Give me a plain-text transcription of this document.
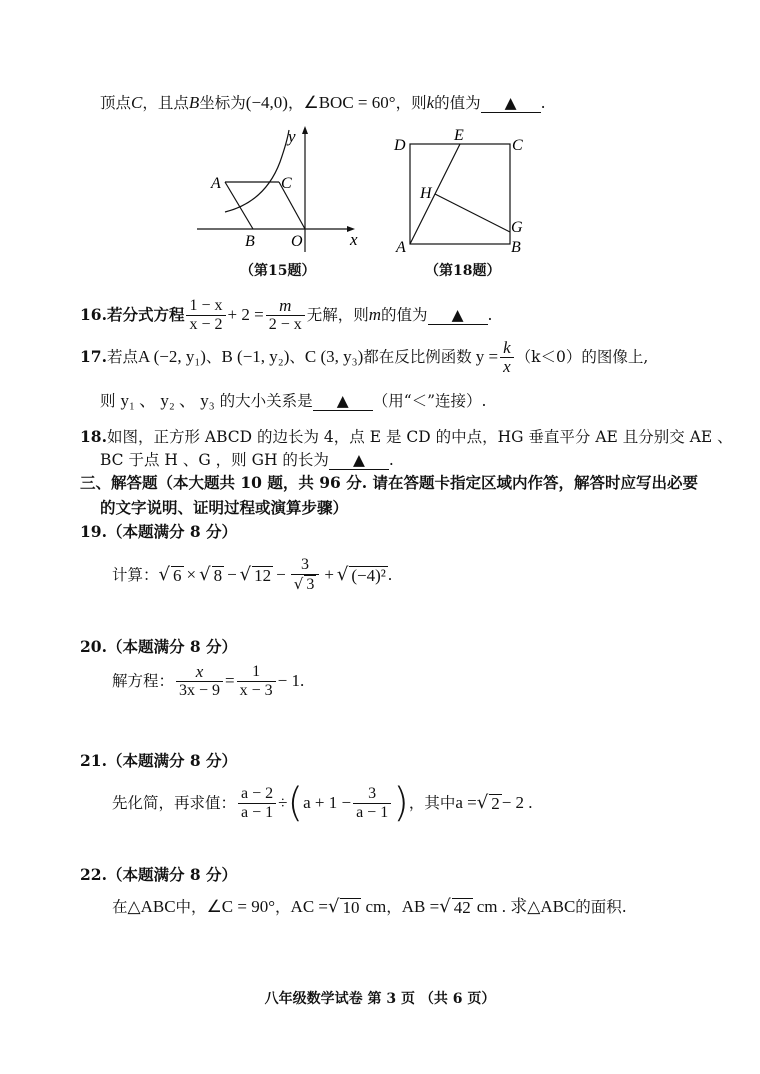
顶点C，且点B坐标为(−4,0)，∠BOC = 60°，则k的值为 ▲ .
y
x
A	C
B O
（第15题）
D
E
C
H
G
A	B
（第18题）
16. 若分式方程 $\frac{1 - x}{x - 2} + 2 = \frac{m}{2 - x}$ 无解，则 m 的值为	▲	.
17. 若点 A (−2, y₁) 、 B (−1, y₂) 、 C (3, y₃) 都在反比例函数 $y = \frac{k}{x} (k<0)$ 的图像上,
则 y₁ 、 y₂ 、 y₃ 的大小关系是 ▲ （用“＜”连接）.
18.如图，正方形 ABCD 的边长为 4，点 E 是 CD 的中点，HG 垂直平分 AE 且分别交 AE 、
BC 于点 H 、G ，则 GH 的长为 ▲ .
三、解答题（本大题共 10 题，共 96 分. 请在答题卡指定区域内作答，解答时应写出必要
的文字说明、证明过程或演算步骤）
19.（本题满分 8 分）
计算： √ 6 × √ 8 − √ $12 - \frac{3}{√ 3}$ + √ (−4)² .
20.（本题满分 8 分）
解方程： $\frac{x}{3x - 9} = \frac{1}{x - 3} - 1$.
21.（本题满分 8 分）
先化简，再求值： $\frac{a - 2}{a - 1}$ ÷ ( $a + 1 - \frac{3}{a - 1}$ ) ，其中 a = √ 2 − 2 .
22.（本题满分 8 分）
在 △ABC 中， ∠C = 90° ， AC = √ 10 cm ， AB = √ 42 cm . 求 △ABC 的面积.
八年级数学试卷 第 3 页 （共 6 页）
